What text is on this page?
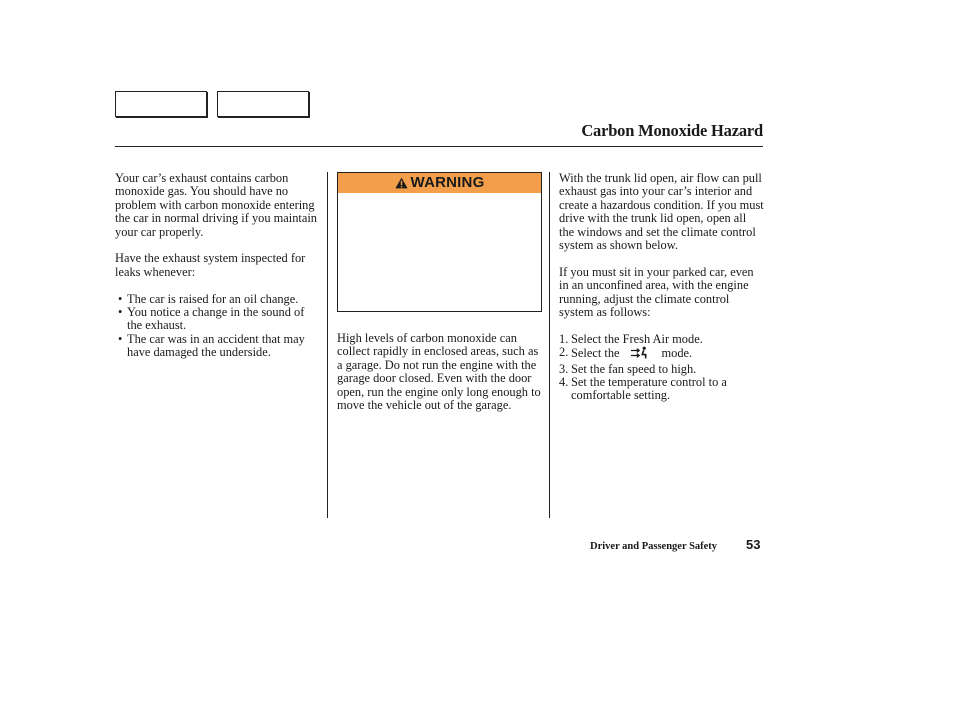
Carbon Monoxide Hazard

Your car’s exhaust contains carbon monoxide gas. You should have no problem with carbon monoxide entering the car in normal driving if you maintain your car properly.

Have the exhaust system inspected for leaks whenever:

• The car is raised for an oil change.
• You notice a change in the sound of the exhaust.
• The car was in an accident that may have damaged the underside.
WARNING

High levels of carbon monoxide can collect rapidly in enclosed areas, such as a garage. Do not run the engine with the garage door closed. Even with the door open, run the engine only long enough to move the vehicle out of the garage.

With the trunk lid open, air flow can pull exhaust gas into your car’s interior and create a hazardous condition. If you must drive with the trunk lid open, open all the windows and set the climate control system as shown below.

If you must sit in your parked car, even in an unconfined area, with the engine running, adjust the climate control system as follows:

1. Select the Fresh Air mode.
2. Select the	mode.
3. Set the fan speed to high.
4. Set the temperature control to a comfortable setting.
Driver and Passenger Safety 53
